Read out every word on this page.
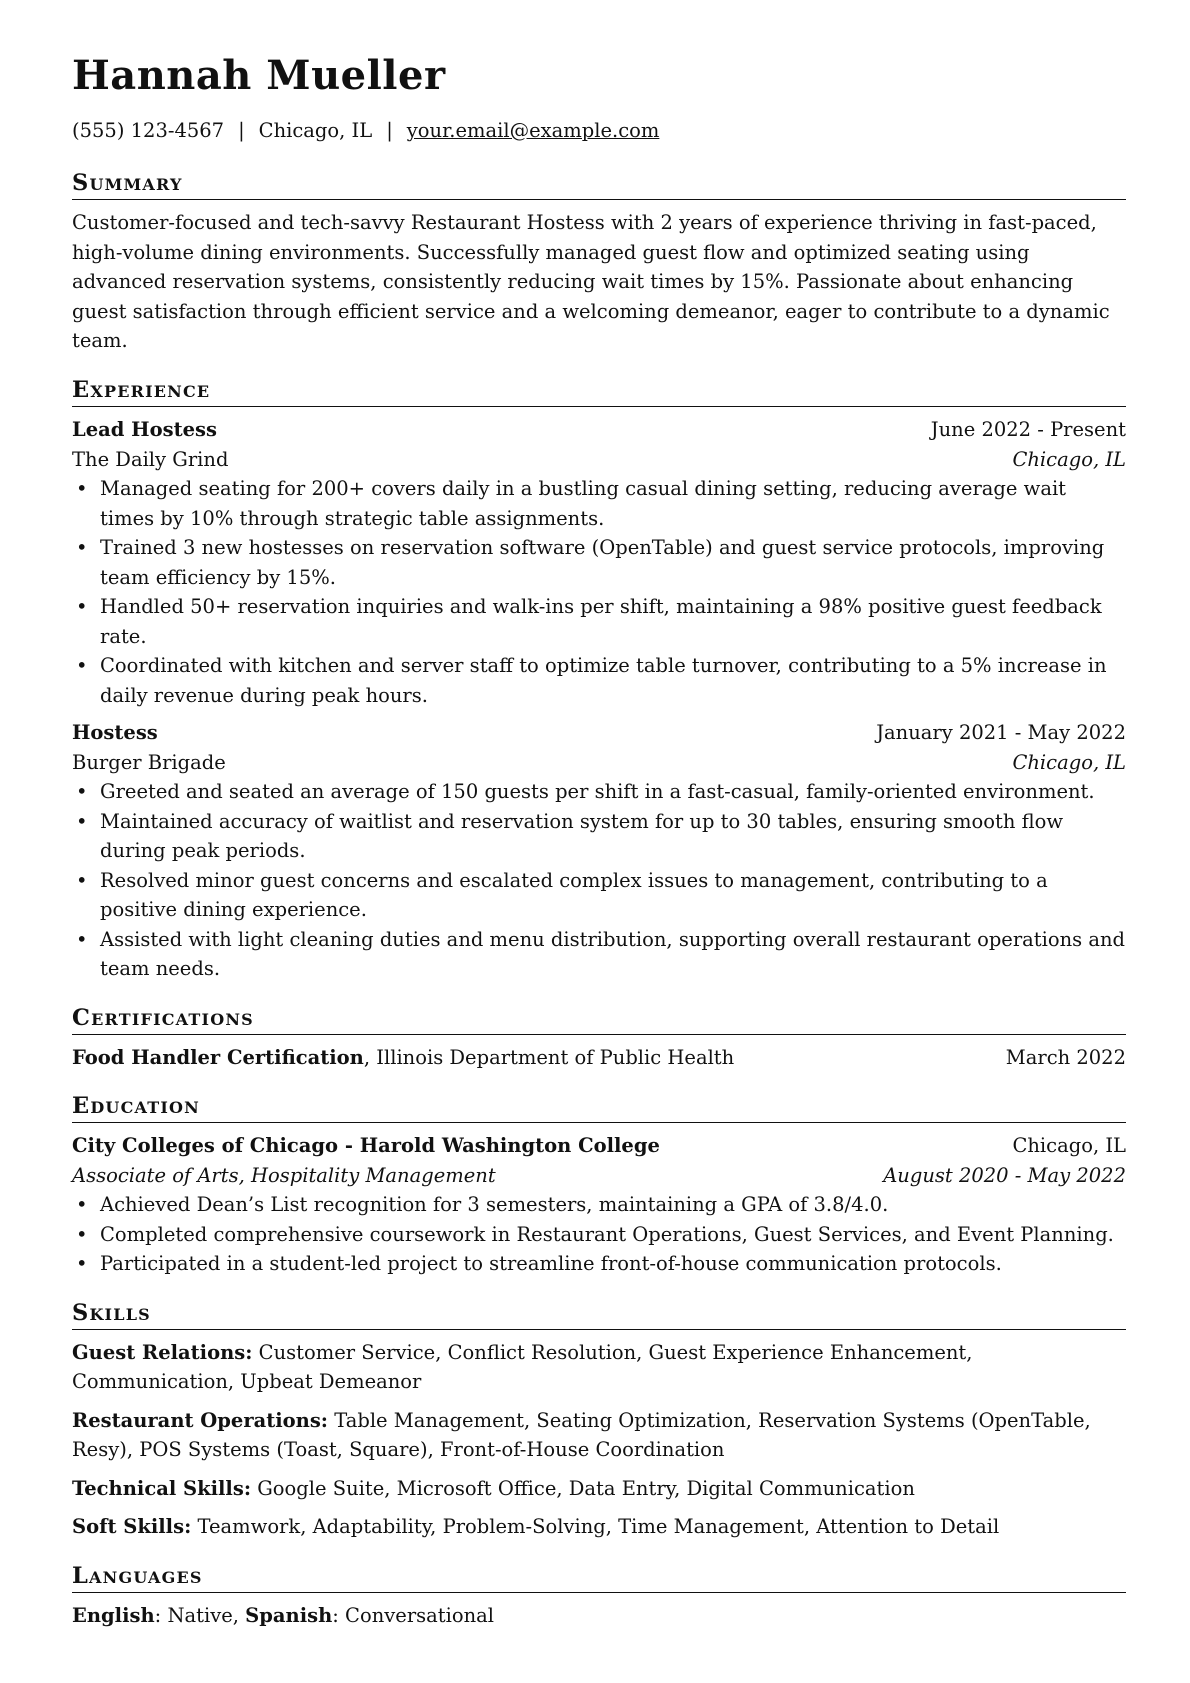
Hannah Mueller
(555) 123-4567 | Chicago, IL | your.email@example.com
Summary
Customer-focused and tech-savvy Restaurant Hostess with 2 years of experience thriving in fast-paced, high-volume dining environments. Successfully managed guest flow and optimized seating using advanced reservation systems, consistently reducing wait times by 15%. Passionate about enhancing guest satisfaction through efficient service and a welcoming demeanor, eager to contribute to a dynamic team.
Experience
Lead Hostess	June 2022 - Present
The Daily Grind	Chicago, IL
• Managed seating for 200+ covers daily in a bustling casual dining setting, reducing average wait times by 10% through strategic table assignments.
• Trained 3 new hostesses on reservation software (OpenTable) and guest service protocols, improving team efficiency by 15%.
• Handled 50+ reservation inquiries and walk-ins per shift, maintaining a 98% positive guest feedback rate.
• Coordinated with kitchen and server staff to optimize table turnover, contributing to a 5% increase in daily revenue during peak hours.
Hostess	January 2021 - May 2022
Burger Brigade	Chicago, IL
• Greeted and seated an average of 150 guests per shift in a fast-casual, family-oriented environment.
• Maintained accuracy of waitlist and reservation system for up to 30 tables, ensuring smooth flow during peak periods.
• Resolved minor guest concerns and escalated complex issues to management, contributing to a positive dining experience.
• Assisted with light cleaning duties and menu distribution, supporting overall restaurant operations and team needs.
Certifications
Food Handler Certification, Illinois Department of Public Health	March 2022
Education
City Colleges of Chicago - Harold Washington College	Chicago, IL
Associate of Arts, Hospitality Management	August 2020 - May 2022
• Achieved Dean’s List recognition for 3 semesters, maintaining a GPA of 3.8/4.0.
• Completed comprehensive coursework in Restaurant Operations, Guest Services, and Event Planning.
• Participated in a student-led project to streamline front-of-house communication protocols.
Skills
Guest Relations: Customer Service, Conflict Resolution, Guest Experience Enhancement, Communication, Upbeat Demeanor
Restaurant Operations: Table Management, Seating Optimization, Reservation Systems (OpenTable, Resy), POS Systems (Toast, Square), Front-of-House Coordination
Technical Skills: Google Suite, Microsoft Office, Data Entry, Digital Communication
Soft Skills: Teamwork, Adaptability, Problem-Solving, Time Management, Attention to Detail
Languages
English: Native, Spanish: Conversational
